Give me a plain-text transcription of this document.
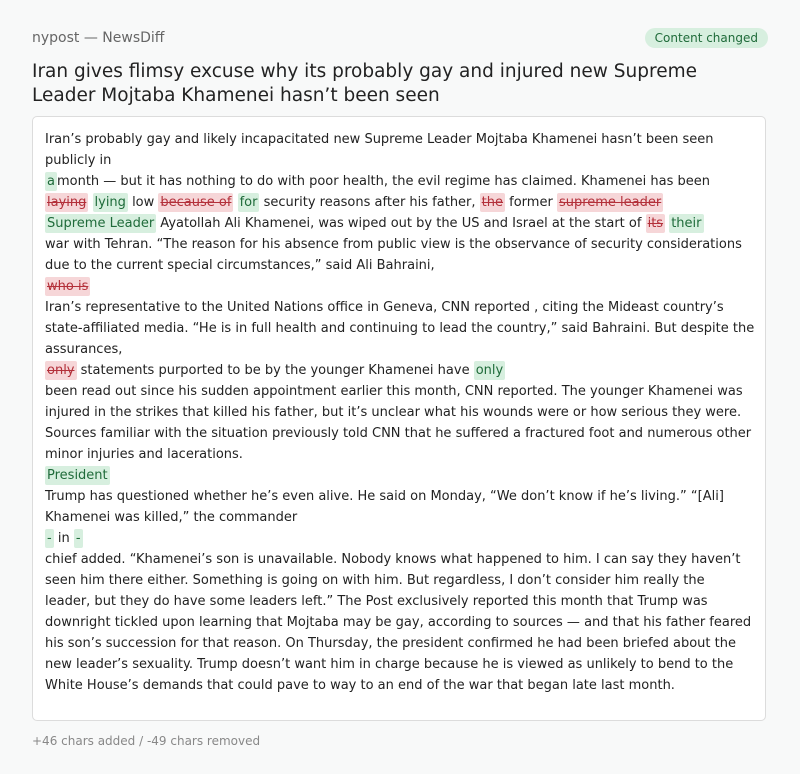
nypost — NewsDiff	Content changed
Iran gives flimsy excuse why its probably gay and injured new Supreme Leader Mojtaba Khamenei hasn’t been seen
Iran’s probably gay and likely incapacitated new Supreme Leader Mojtaba Khamenei hasn’t been seen
publicly in
a month — but it has nothing to do with poor health, the evil regime has claimed. Khamenei has been
laying lying low because of for security reasons after his father, the former supreme leader
Supreme Leader Ayatollah Ali Khamenei, was wiped out by the US and Israel at the start of its their
war with Tehran. “The reason for his absence from public view is the observance of security considerations
due to the current special circumstances,” said Ali Bahraini,
who is
Iran’s representative to the United Nations office in Geneva, CNN reported , citing the Mideast country’s
state-affiliated media. “He is in full health and continuing to lead the country,” said Bahraini. But despite the
assurances,
only statements purported to be by the younger Khamenei have only
been read out since his sudden appointment earlier this month, CNN reported. The younger Khamenei was
injured in the strikes that killed his father, but it’s unclear what his wounds were or how serious they were.
Sources familiar with the situation previously told CNN that he suffered a fractured foot and numerous other
minor injuries and lacerations.
President
Trump has questioned whether he’s even alive. He said on Monday, “We don’t know if he’s living.” “[Ali]
Khamenei was killed,” the commander
- in -
chief added. “Khamenei’s son is unavailable. Nobody knows what happened to him. I can say they haven’t
seen him there either. Something is going on with him. But regardless, I don’t consider him really the
leader, but they do have some leaders left.” The Post exclusively reported this month that Trump was
downright tickled upon learning that Mojtaba may be gay, according to sources — and that his father feared
his son’s succession for that reason. On Thursday, the president confirmed he had been briefed about the
new leader’s sexuality. Trump doesn’t want him in charge because he is viewed as unlikely to bend to the
White House’s demands that could pave to way to an end of the war that began late last month.
+46 chars added / -49 chars removed
